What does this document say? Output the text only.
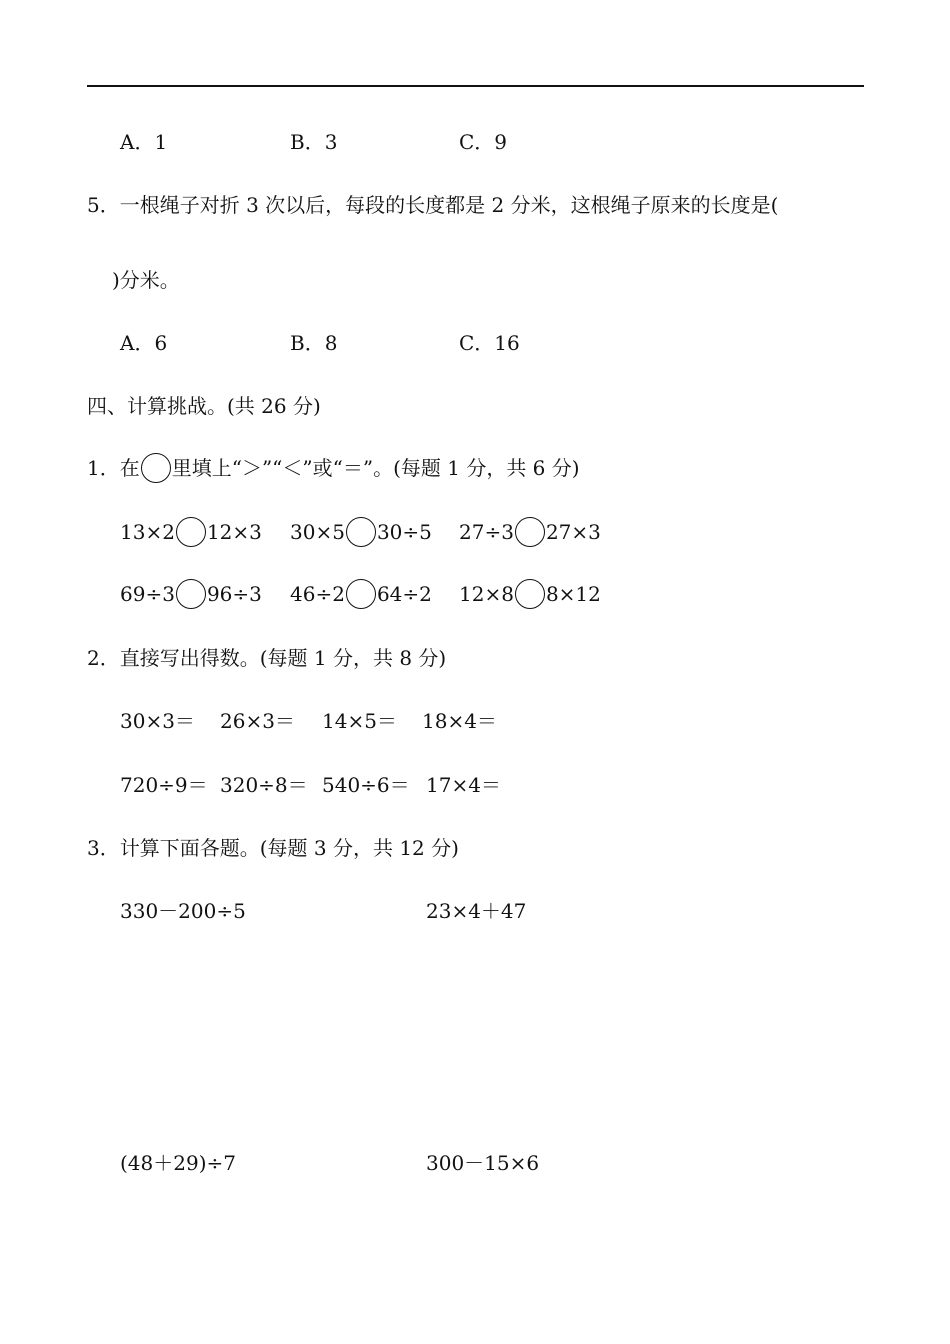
A．1	B．3	C．9
5．一根绳子对折 3 次以后，每段的长度都是 2 分米，这根绳子原来的长度是(
)分米。
A．6	B．8	C．16
四、计算挑战。(共 26 分)
1．在 里填上“＞”“＜”或“＝”。(每题 1 分，共 6 分)
13×2 12×3 30×5 30÷5 27÷3 27×3
69÷3 96÷3 46÷2 64÷2 12×8 8×12
2．直接写出得数。(每题 1 分，共 8 分)
30×3＝ 26×3＝ 14×5＝ 18×4＝
720÷9＝ 320÷8＝ 540÷6＝ 17×4＝
3．计算下面各题。(每题 3 分，共 12 分)
330－200÷5	23×4＋47
(48＋29)÷7	300－15×6
